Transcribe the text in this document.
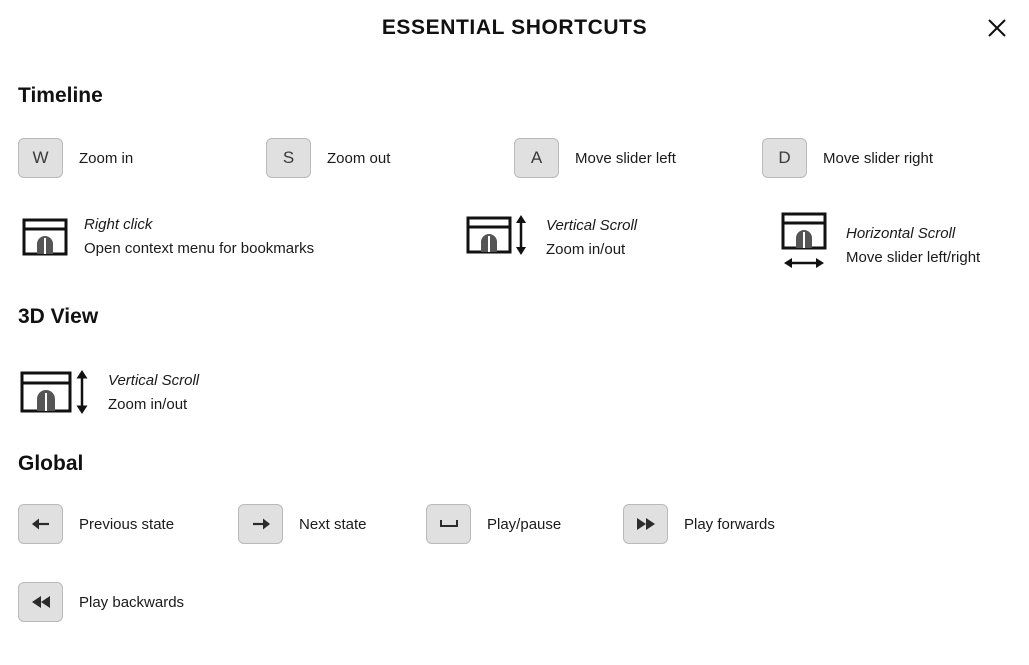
ESSENTIAL SHORTCUTS
Timeline
W	Zoom in	S	Zoom out	A	Move slider left	D	Move slider right
Right click
Open context menu for bookmarks
Vertical Scroll
Zoom in/out
Horizontal Scroll
Move slider left/right
3D View
Vertical Scroll
Zoom in/out
Global
Previous state	Next state	Play/pause	Play forwards
Play backwards
